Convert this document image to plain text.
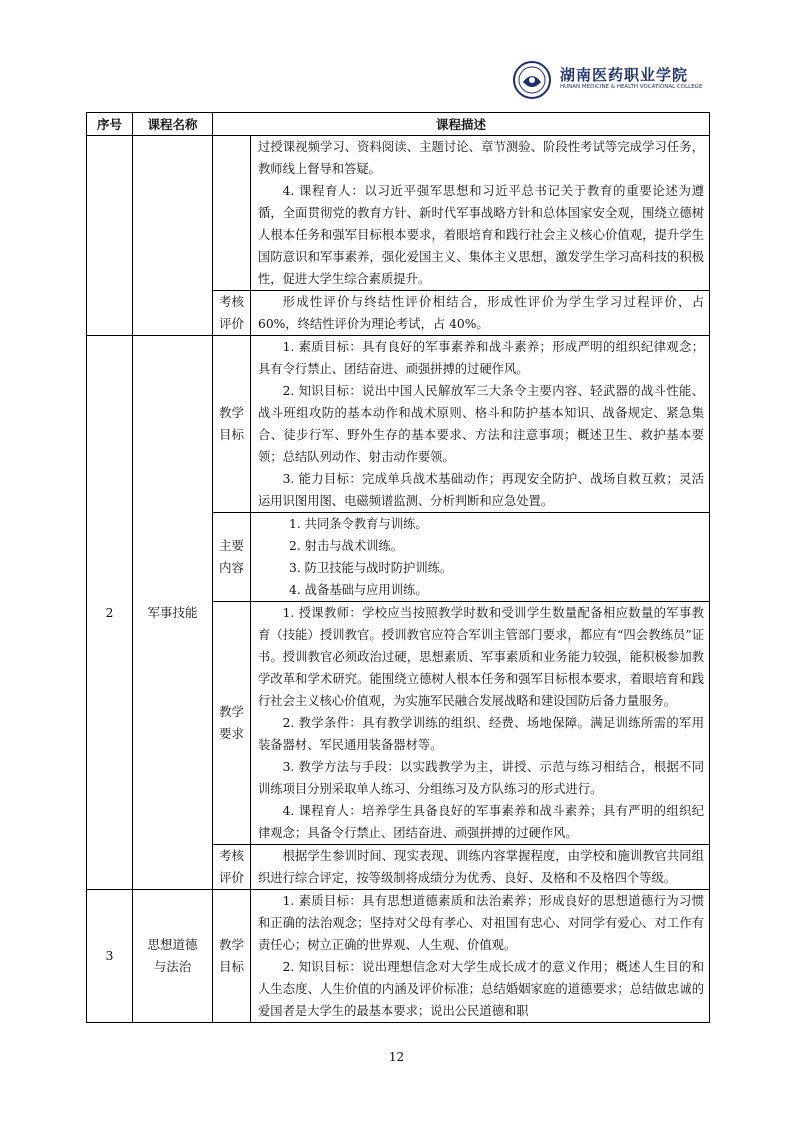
湖南医药职业学院
HUNAN MEDICINE & HEALTH VOCATIONAL COLLEGE
序号	课程名称	课程描述	

			过授课视频学习、资料阅读、主题讨论、章节测验、阶段性考试等完成学习任务，教师线上督导和答疑。
4. 课程育人：以习近平强军思想和习近平总书记关于教育的重要论述为遵循，全面贯彻党的教育方针、新时代军事战略方针和总体国家安全观，围绕立德树人根本任务和强军目标根本要求，着眼培育和践行社会主义核心价值观，提升学生国防意识和军事素养，强化爱国主义、集体主义思想，激发学生学习高科技的积极性，促进大学生综合素质提升。

		考核评价	形成性评价与终结性评价相结合，形成性评价为学生学习过程评价，占 60%，终结性评价为理论考试，占 40%。

2	军事技能	教学目标	1. 素质目标：具有良好的军事素养和战斗素养；形成严明的组织纪律观念；具有令行禁止、团结奋进、顽强拼搏的过硬作风。
2. 知识目标：说出中国人民解放军三大条令主要内容、轻武器的战斗性能、战斗班组攻防的基本动作和战术原则、格斗和防护基本知识、战备规定、紧急集合、徒步行军、野外生存的基本要求、方法和注意事项；概述卫生、救护基本要领；总结队列动作、射击动作要领。
3. 能力目标：完成单兵战术基础动作；再现安全防护、战场自救互救；灵活运用识图用图、电磁频谱监测、分析判断和应急处置。

		主要内容	1. 共同条令教育与训练。
2. 射击与战术训练。
3. 防卫技能与战时防护训练。
4. 战备基础与应用训练。

		教学要求	1. 授课教师：学校应当按照教学时数和受训学生数量配备相应数量的军事教育（技能）授训教官。授训教官应符合军训主管部门要求，都应有“四会教练员”证书。授训教官必须政治过硬，思想素质、军事素质和业务能力较强，能积极参加教学改革和学术研究。能围绕立德树人根本任务和强军目标根本要求，着眼培育和践行社会主义核心价值观，为实施军民融合发展战略和建设国防后备力量服务。
2. 教学条件：具有教学训练的组织、经费、场地保障。满足训练所需的军用装备器材、军民通用装备器材等。
3. 教学方法与手段：以实践教学为主，讲授、示范与练习相结合，根据不同训练项目分别采取单人练习、分组练习及方队练习的形式进行。
4. 课程育人：培养学生具备良好的军事素养和战斗素养；具有严明的组织纪律观念；具备令行禁止、团结奋进、顽强拼搏的过硬作风。

		考核评价	根据学生参训时间、现实表现、训练内容掌握程度，由学校和施训教官共同组织进行综合评定，按等级制将成绩分为优秀、良好、及格和不及格四个等级。

3	思想道德与法治	教学目标	1. 素质目标：具有思想道德素质和法治素养；形成良好的思想道德行为习惯和正确的法治观念；坚持对父母有孝心、对祖国有忠心、对同学有爱心、对工作有责任心；树立正确的世界观、人生观、价值观。
2. 知识目标：说出理想信念对大学生成长成才的意义作用；概述人生目的和人生态度、人生价值的内涵及评价标准；总结婚姻家庭的道德要求；总结做忠诚的爱国者是大学生的最基本要求；说出公民道德和职
12
